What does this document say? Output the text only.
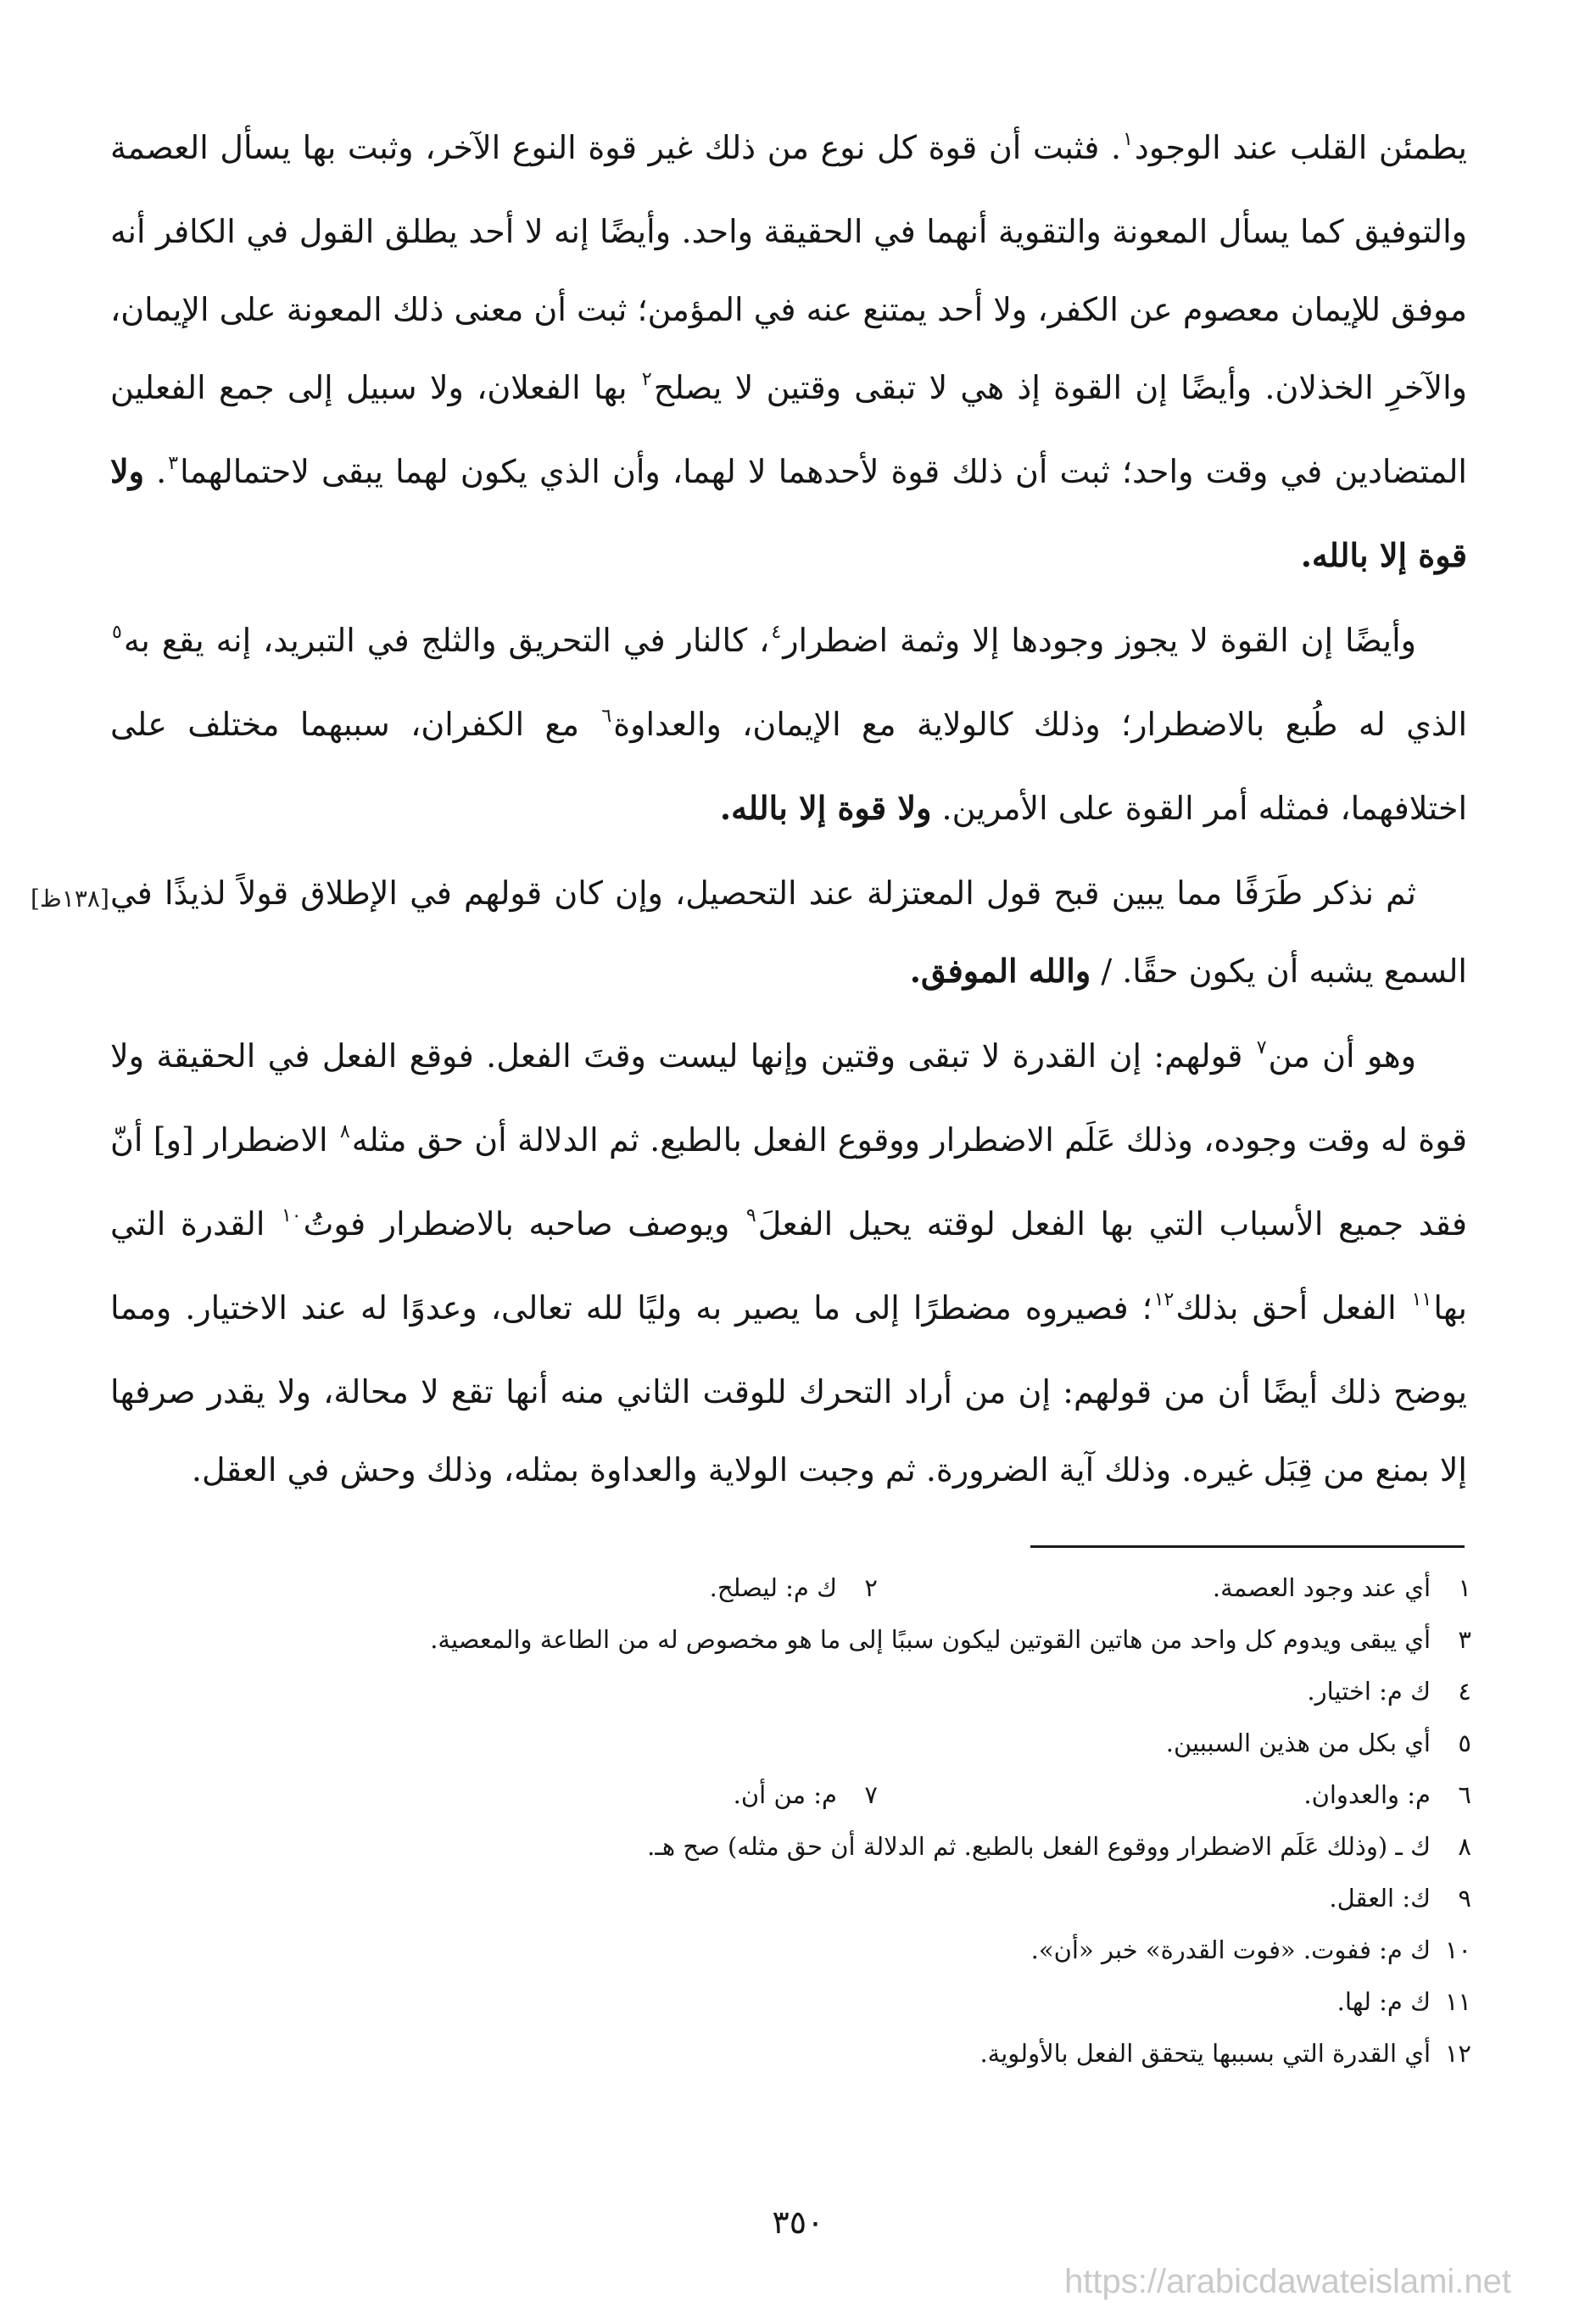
يطمئن القلب عند الوجود$^١$. فثبت أن قوة كل نوع من ذلك غير قوة النوع الآخر، وثبت بها يسأل العصمة والتوفيق كما يسأل المعونة والتقوية أنهما في الحقيقة واحد. وأيضًا إنه لا أحد يطلق القول في الكافر أنه موفق للإيمان معصوم عن الكفر، ولا أحد يمتنع عنه في المؤمن؛ ثبت أن معنى ذلك المعونة على الإيمان، والآخرِ الخذلان. وأيضًا إن القوة إذ هي لا تبقى وقتين لا يصلح$^٢$ بها الفعلان، ولا سبيل إلى جمع الفعلين المتضادين في وقت واحد؛ ثبت أن ذلك قوة لأحدهما لا لهما، وأن الذي يكون لهما يبقى لاحتمالهما$^٣$. ولا قوة إلا بالله.

وأيضًا إن القوة لا يجوز وجودها إلا وثمة اضطرار$^٤$، كالنار في التحريق والثلج في التبريد، إنه يقع به$^٥$ الذي له طُبع بالاضطرار؛ وذلك كالولاية مع الإيمان، والعداوة$^٦$ مع الكفران، سببهما مختلف على اختلافهما، فمثله أمر القوة على الأمرين. ولا قوة إلا بالله.

ثم نذكر طَرَفًا مما يبين قبح قول المعتزلة عند التحصيل، وإن كان قولهم في الإطلاق قولاً لذيذًا في السمع يشبه أن يكون حقًا. / والله الموفق.

وهو أن من$^٧$ قولهم: إن القدرة لا تبقى وقتين وإنها ليست وقتَ الفعل. فوقع الفعل في الحقيقة ولا قوة له وقت وجوده، وذلك عَلَم الاضطرار ووقوع الفعل بالطبع. ثم الدلالة أن حق مثله$^٨$ الاضطرار [و] أنّ فقد جميع الأسباب التي بها الفعل لوقته يحيل الفعلَ$^٩$ ويوصف صاحبه بالاضطرار فوتُ$^{١٠}$ القدرة التي بها$^{١١}$ الفعل أحق بذلك$^{١٢}$؛ فصيروه مضطرًا إلى ما يصير به وليًا لله تعالى، وعدوًا له عند الاختيار. ومما يوضح ذلك أيضًا أن من قولهم: إن من أراد التحرك للوقت الثاني منه أنها تقع لا محالة، ولا يقدر صرفها إلا بمنع من قِبَل غيره. وذلك آية الضرورة. ثم وجبت الولاية والعداوة بمثله، وذلك وحش في العقل.

[١٣٨ظ]
١
أي عند وجود العصمة.
٢
ك م: ليصلح.
٣
أي يبقى ويدوم كل واحد من هاتين القوتين ليكون سببًا إلى ما هو مخصوص له من الطاعة والمعصية.
٤
ك م: اختيار.
٥
أي بكل من هذين السببين.
٦
م: والعدوان.
٧
م: من أن.
٨
ك ـ (وذلك عَلَم الاضطرار ووقوع الفعل بالطبع. ثم الدلالة أن حق مثله) صح هـ.
٩
ك: العقل.
١٠
ك م: ففوت. «فوت القدرة» خبر «أن».
١١
ك م: لها.
١٢
أي القدرة التي بسببها يتحقق الفعل بالأولوية.
٣٥٠
https://arabicdawateislami.net
